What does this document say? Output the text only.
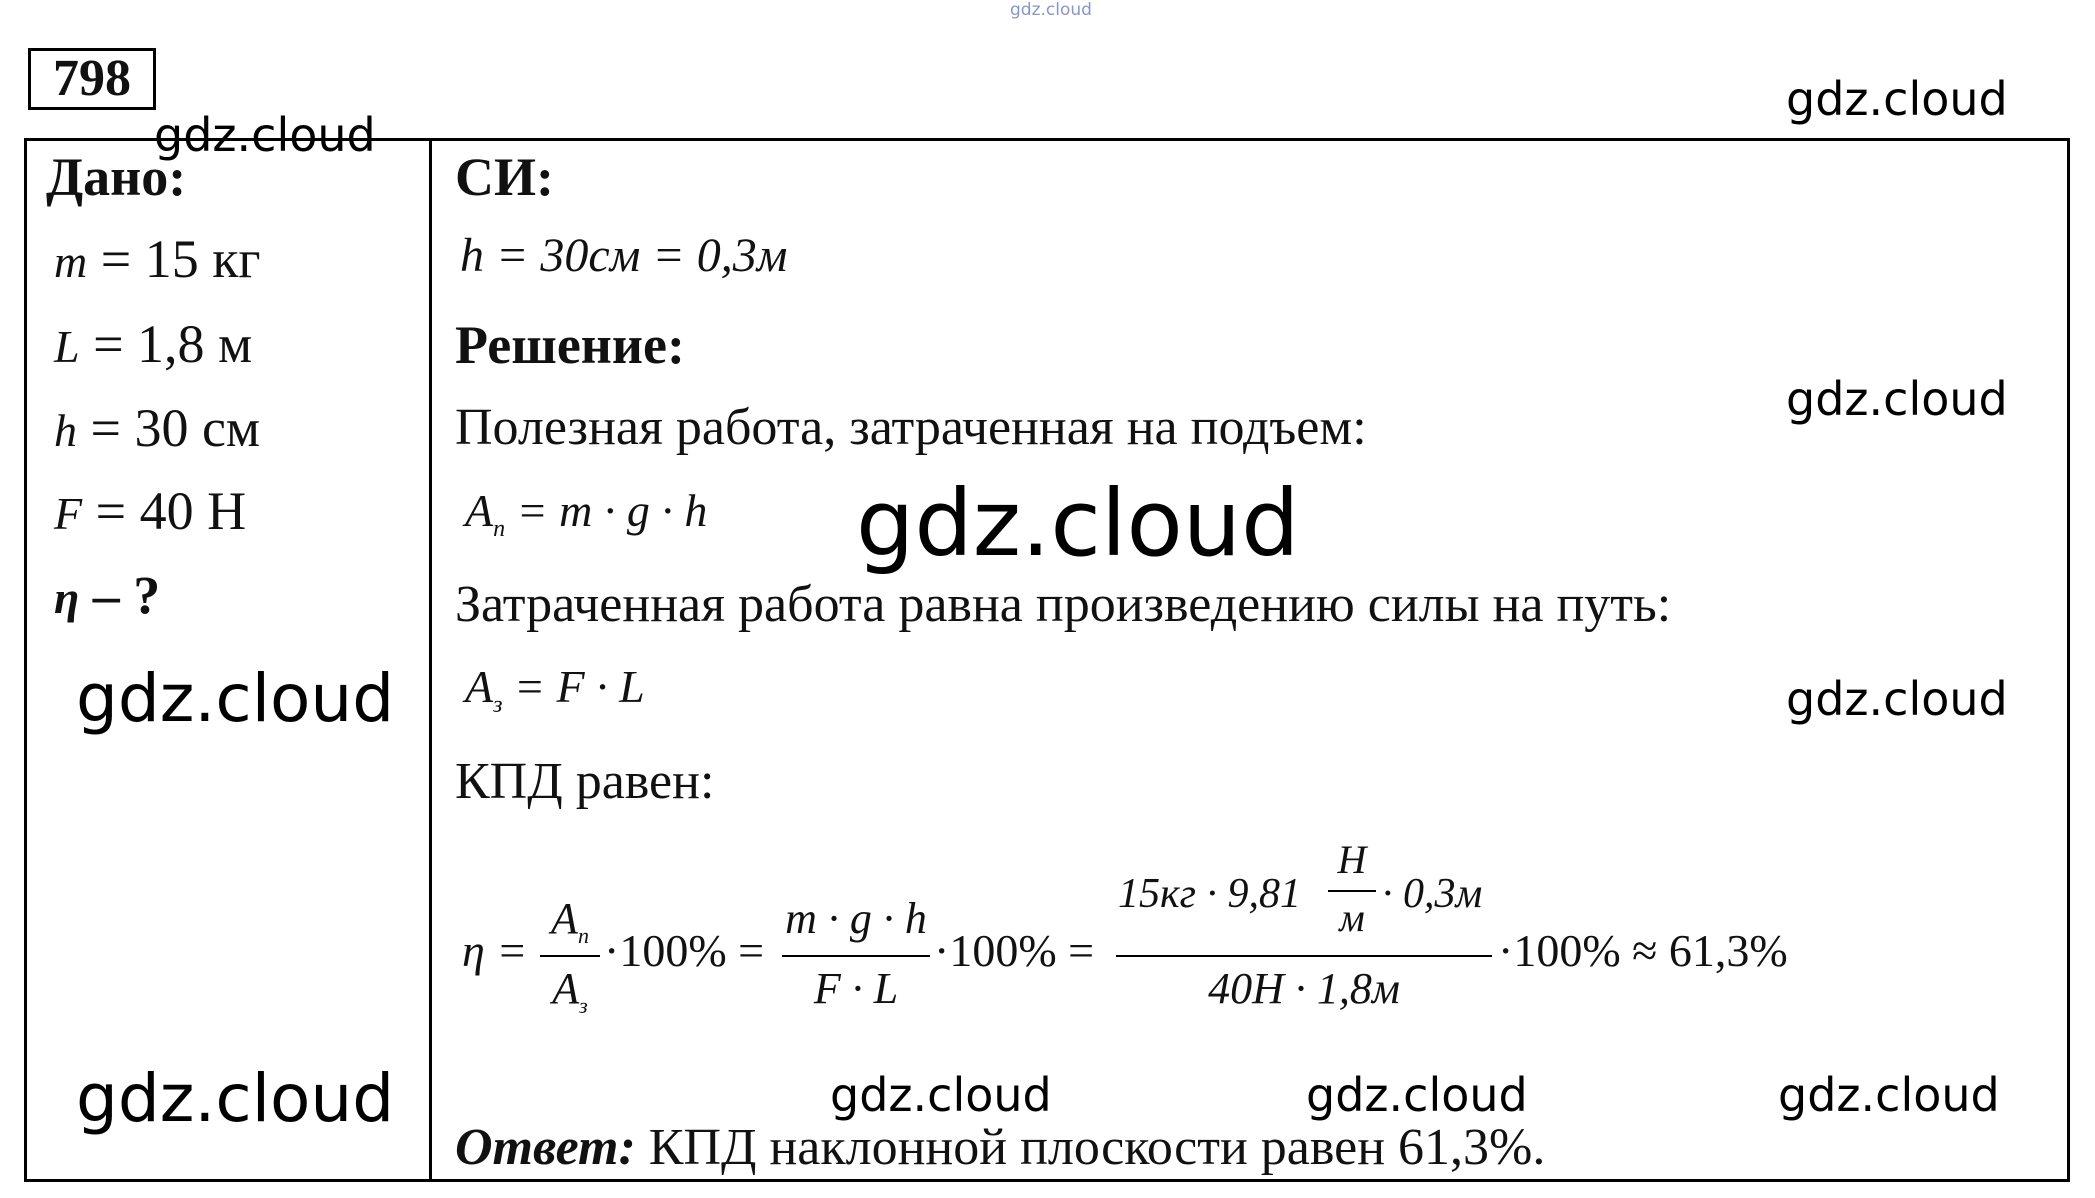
gdz.cloud
798
Дано:
m = 15 кг
L = 1,8 м
h = 30 см
F = 40 Н
η – ?
СИ:
h = 30см = 0,3м
Решение:
Полезная работа, затраченная на подъем:
$A_п = m \cdot g \cdot h$
Затраченная работа равна произведению силы на путь:
$A_з = F \cdot L$
КПД равен:
η =
$A_п$
$A_з$
·100% =
m · g · h
F · L
·100% =
15кг · 9,81
Н
м
· 0,3м
40Н · 1,8м
·100% ≈ 61,3%
Ответ: КПД наклонной плоскости равен 61,3%.
gdz.cloud
gdz.cloud
gdz.cloud
gdz.cloud
gdz.cloud	gdz.cloud
gdz.cloud	gdz.cloud	gdz.cloud	gdz.cloud
